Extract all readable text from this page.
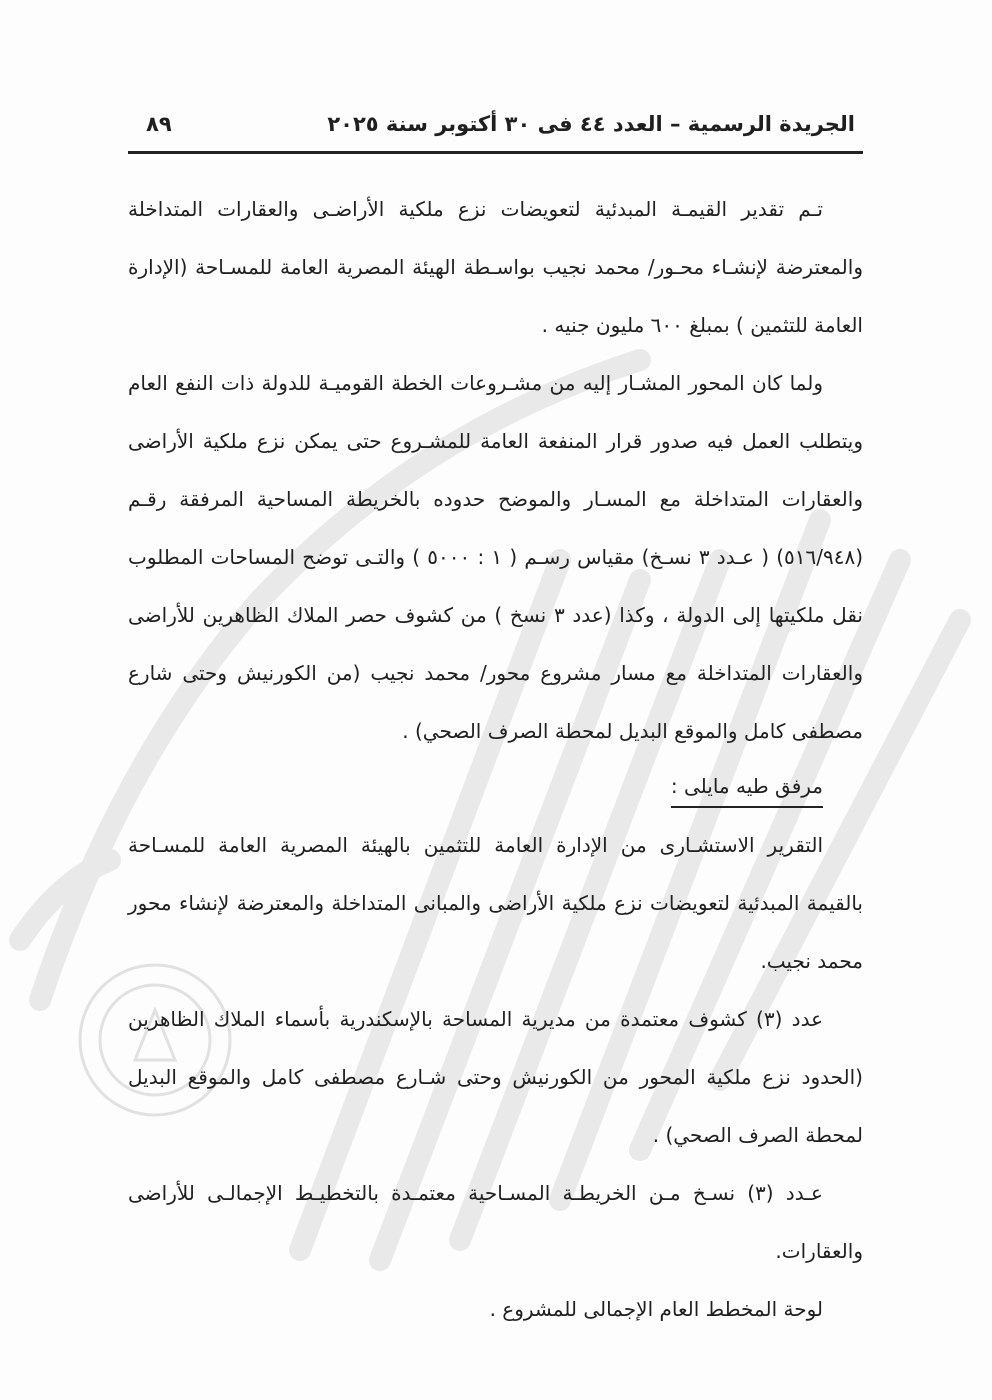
الجريدة الرسمية – العدد ٤٤ فى ٣٠ أكتوبر سنة ٢٠٢٥
٨٩

تـم تقدير القيمـة المبدئية لتعويضات نزع ملكية الأراضـى والعقارات المتداخلة والمعترضة لإنشـاء محـور/ محمد نجيب بواسـطة الهيئة المصرية العامة للمسـاحة (الإدارة العامة للتثمين ) بمبلغ ٦٠٠ مليون جنيه .

ولما كان المحور المشـار إليه من مشـروعات الخطة القوميـة للدولة ذات النفع العام ويتطلب العمل فيه صدور قرار المنفعة العامة للمشـروع حتى يمكن نزع ملكية الأراضى والعقارات المتداخلة مع المسـار والموضح حدوده بالخريطة المساحية المرفقة رقـم (٥١٦/٩٤٨) ( عـدد ٣ نسـخ) مقياس رسـم ( ١ : ٥٠٠٠ ) والتـى توضح المساحات المطلوب نقل ملكيتها إلى الدولة ، وكذا (عدد ٣ نسخ ) من كشوف حصر الملاك الظاهرين للأراضى والعقارات المتداخلة مع مسار مشروع محور/ محمد نجيب (من الكورنيش وحتى شارع مصطفى كامل والموقع البديل لمحطة الصرف الصحي) .

مرفق طيه مايلى :

التقرير الاستشـارى من الإدارة العامة للتثمين بالهيئة المصرية العامة للمسـاحة بالقيمة المبدئية لتعويضات نزع ملكية الأراضى والمبانى المتداخلة والمعترضة لإنشاء محور محمد نجيب.

عدد (٣) كشوف معتمدة من مديرية المساحة بالإسكندرية بأسماء الملاك الظاهرين (الحدود نزع ملكية المحور من الكورنيش وحتى شـارع مصطفى كامل والموقع البديل لمحطة الصرف الصحي) .

عـدد (٣) نسـخ مـن الخريطـة المسـاحية معتمـدة بالتخطيـط الإجمالـى للأراضى والعقارات.

لوحة المخطط العام الإجمالى للمشروع .
